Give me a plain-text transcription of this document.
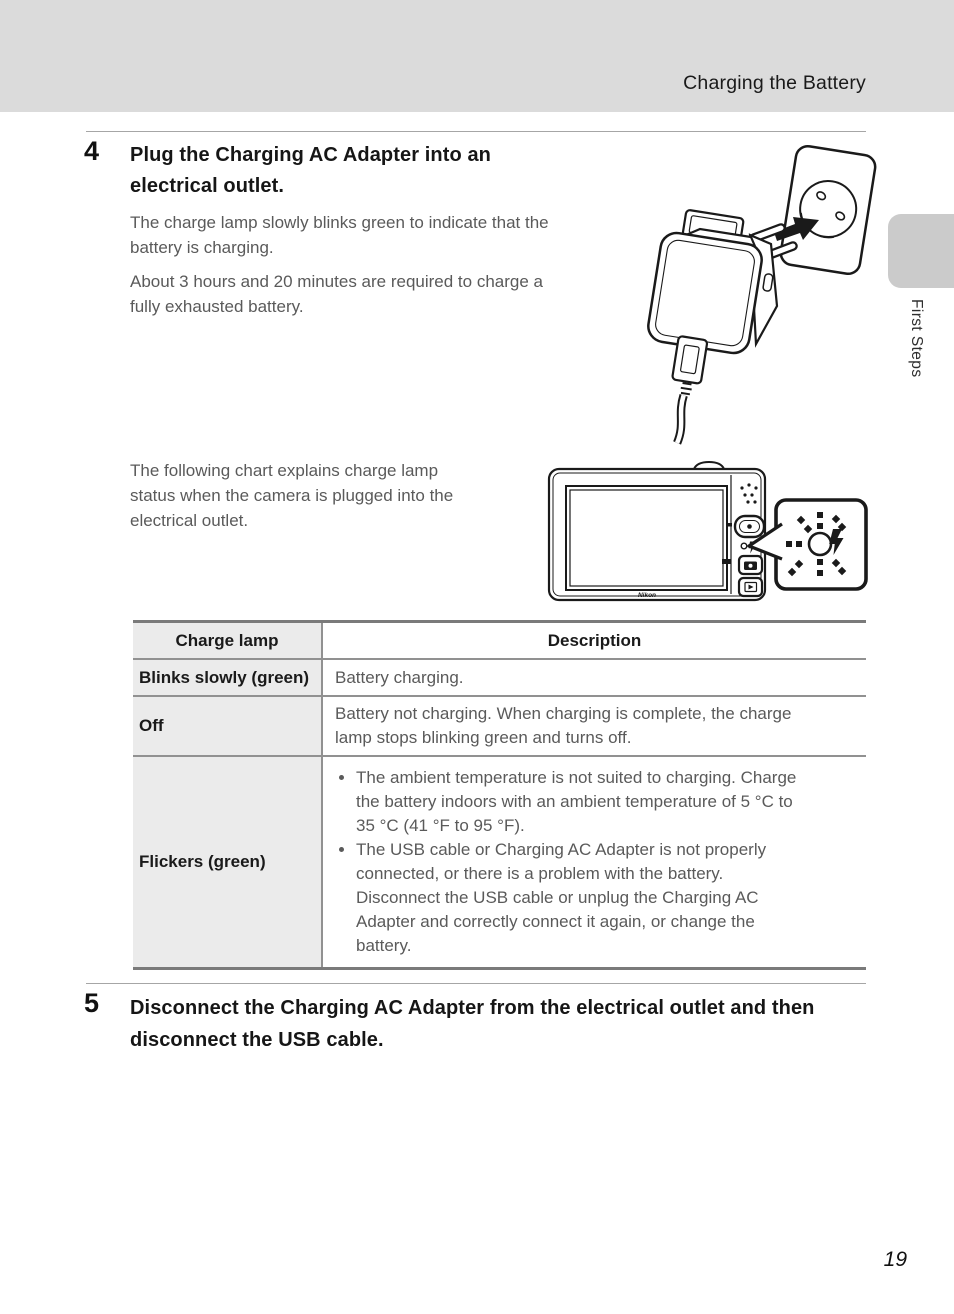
Charging the Battery
First Steps
4 Plug the Charging AC Adapter into an electrical outlet.

The charge lamp slowly blinks green to indicate that the battery is charging.

About 3 hours and 20 minutes are required to charge a fully exhausted battery.

The following chart explains charge lamp status when the camera is plugged into the electrical outlet.

Nikon
Charge lamp	Description
Blinks slowly (green)	Battery charging.

Off

Battery not charging. When charging is complete, the charge lamp stops blinking green and turns off.

Flickers (green)
• The ambient temperature is not suited to charging. Charge the battery indoors with an ambient temperature of 5 °C to 35 °C (41 °F to 95 °F).
• The USB cable or Charging AC Adapter is not properly connected, or there is a problem with the battery. Disconnect the USB cable or unplug the Charging AC Adapter and correctly connect it again, or change the battery.
5 Disconnect the Charging AC Adapter from the electrical outlet and then disconnect the USB cable.
19
